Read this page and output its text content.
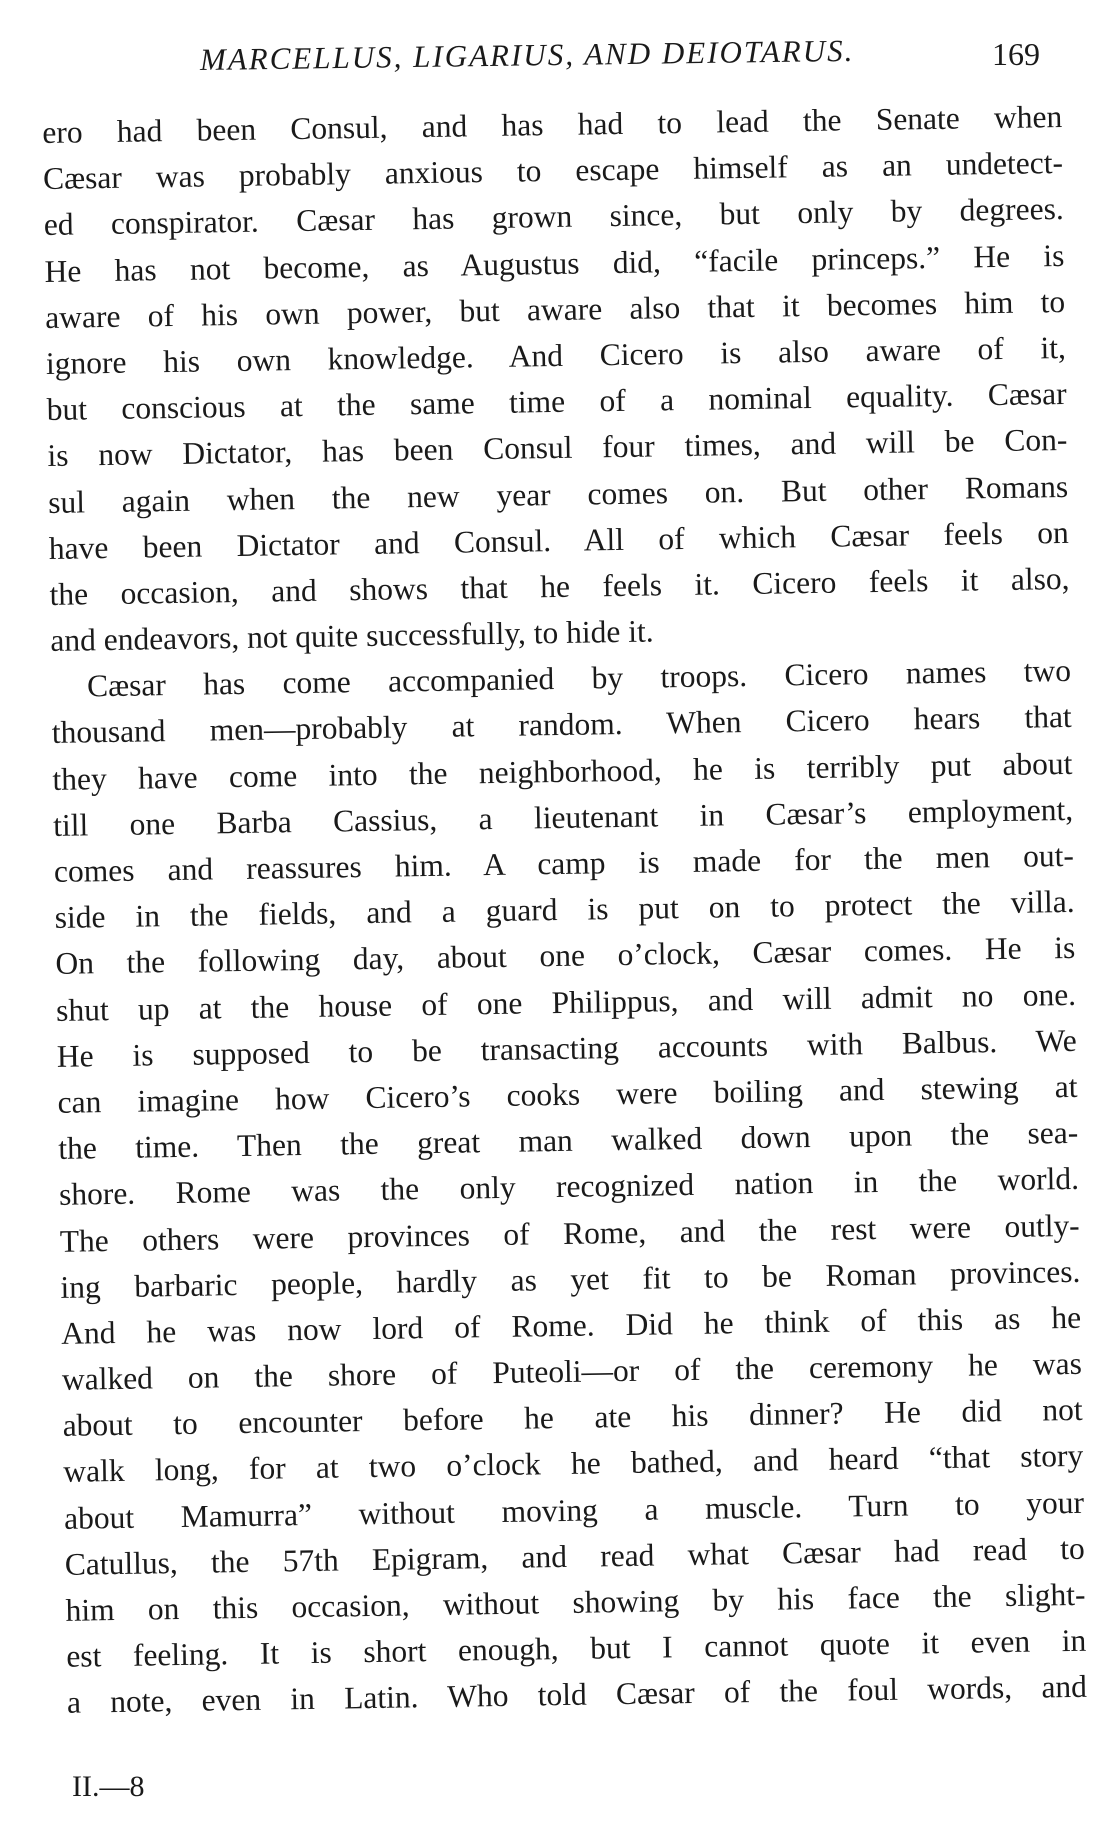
MARCELLUS, LIGARIUS, AND DEIOTARUS.	169
ero had been Consul, and has had to lead the Senate when
Cæsar was probably anxious to escape himself as an undetect-
ed conspirator. Cæsar has grown since, but only by degrees.
He has not become, as Augustus did, “facile princeps.” He is
aware of his own power, but aware also that it becomes him to
ignore his own knowledge. And Cicero is also aware of it,
but conscious at the same time of a nominal equality. Cæsar
is now Dictator, has been Consul four times, and will be Con-
sul again when the new year comes on. But other Romans
have been Dictator and Consul. All of which Cæsar feels on
the occasion, and shows that he feels it. Cicero feels it also,
and endeavors, not quite successfully, to hide it.
Cæsar has come accompanied by troops. Cicero names two
thousand men—probably at random. When Cicero hears that
they have come into the neighborhood, he is terribly put about
till one Barba Cassius, a lieutenant in Cæsar’s employment,
comes and reassures him. A camp is made for the men out-
side in the fields, and a guard is put on to protect the villa.
On the following day, about one o’clock, Cæsar comes. He is
shut up at the house of one Philippus, and will admit no one.
He is supposed to be transacting accounts with Balbus. We
can imagine how Cicero’s cooks were boiling and stewing at
the time. Then the great man walked down upon the sea-
shore. Rome was the only recognized nation in the world.
The others were provinces of Rome, and the rest were outly-
ing barbaric people, hardly as yet fit to be Roman provinces.
And he was now lord of Rome. Did he think of this as he
walked on the shore of Puteoli—or of the ceremony he was
about to encounter before he ate his dinner? He did not
walk long, for at two o’clock he bathed, and heard “that story
about Mamurra” without moving a muscle. Turn to your
Catullus, the 57th Epigram, and read what Cæsar had read to
him on this occasion, without showing by his face the slight-
est feeling. It is short enough, but I cannot quote it even in
a note, even in Latin. Who told Cæsar of the foul words, and
II.—8
